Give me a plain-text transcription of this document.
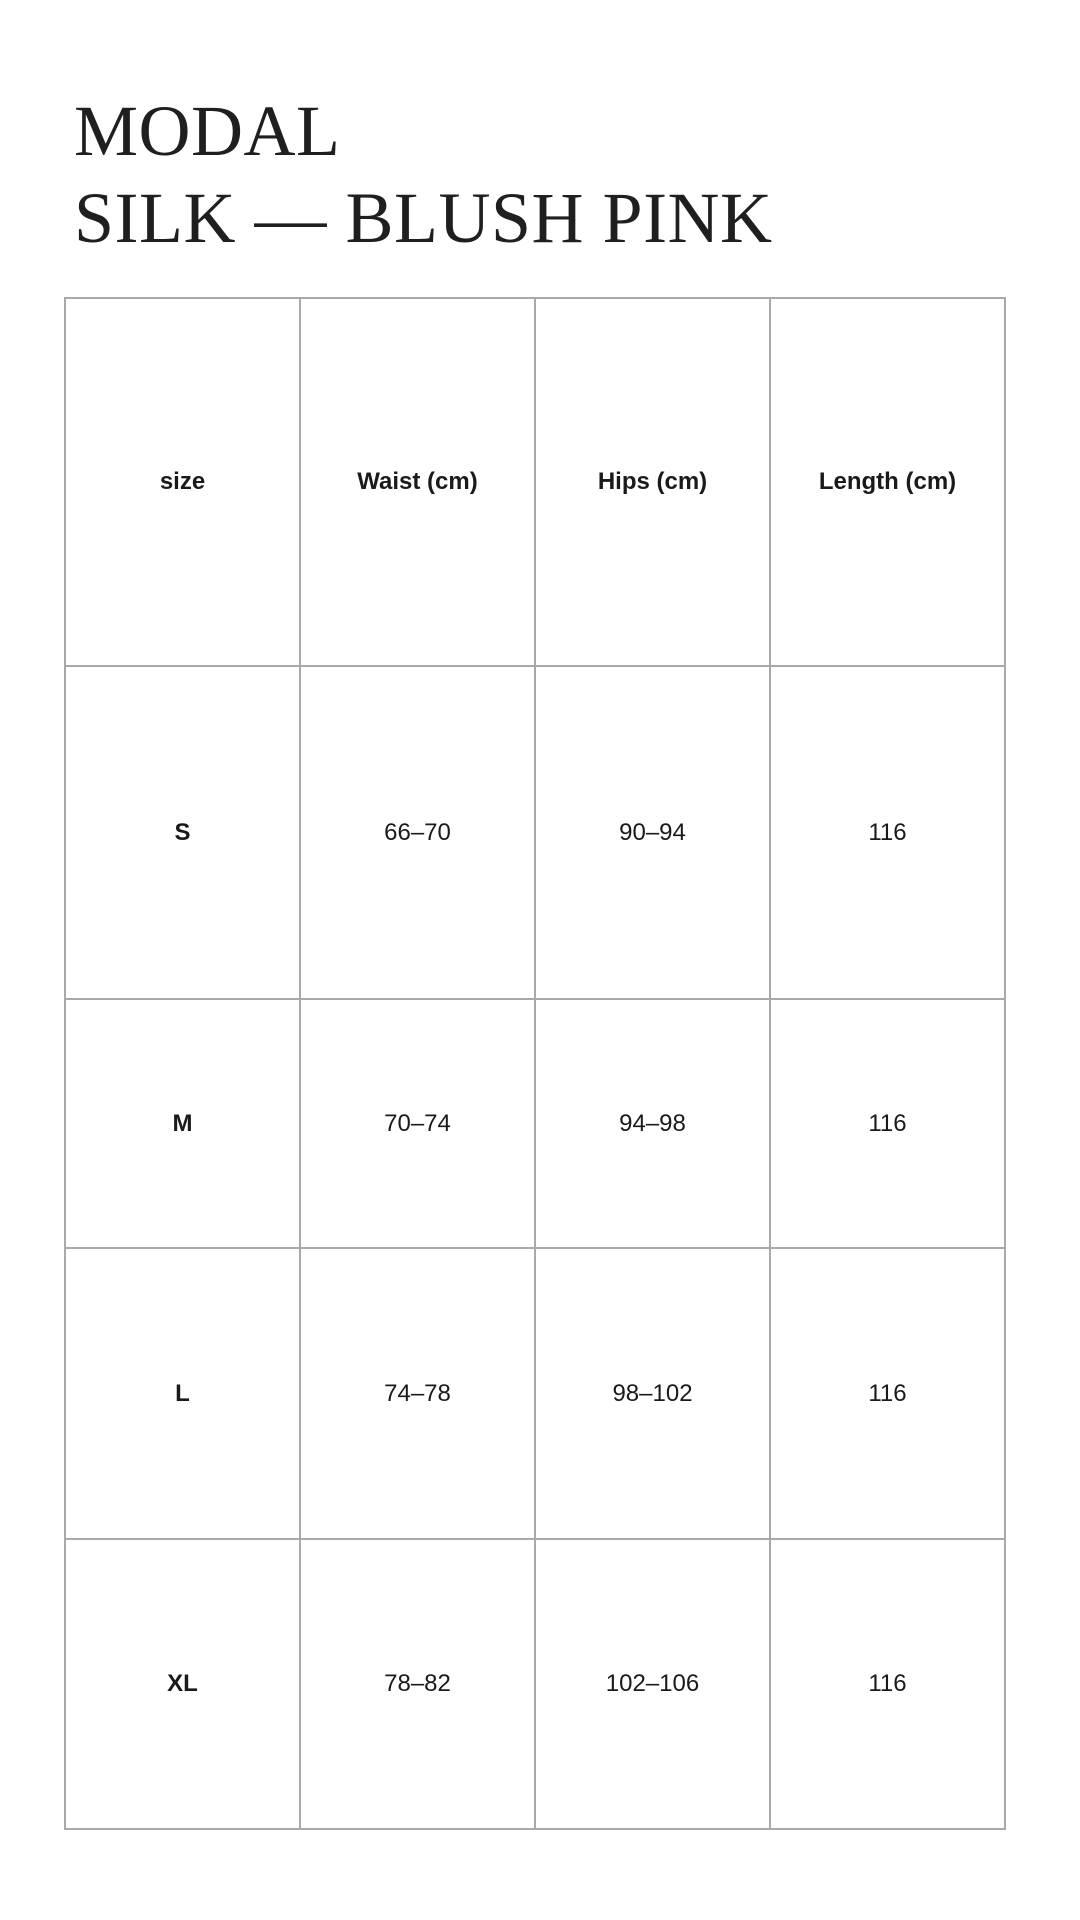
MODAL
SILK — BLUSH PINK
size	Waist (cm)	Hips (cm)	Length (cm)
S	66–70	90–94	116
M	70–74	94–98	116
L	74–78	98–102	116
XL	78–82	102–106	116
